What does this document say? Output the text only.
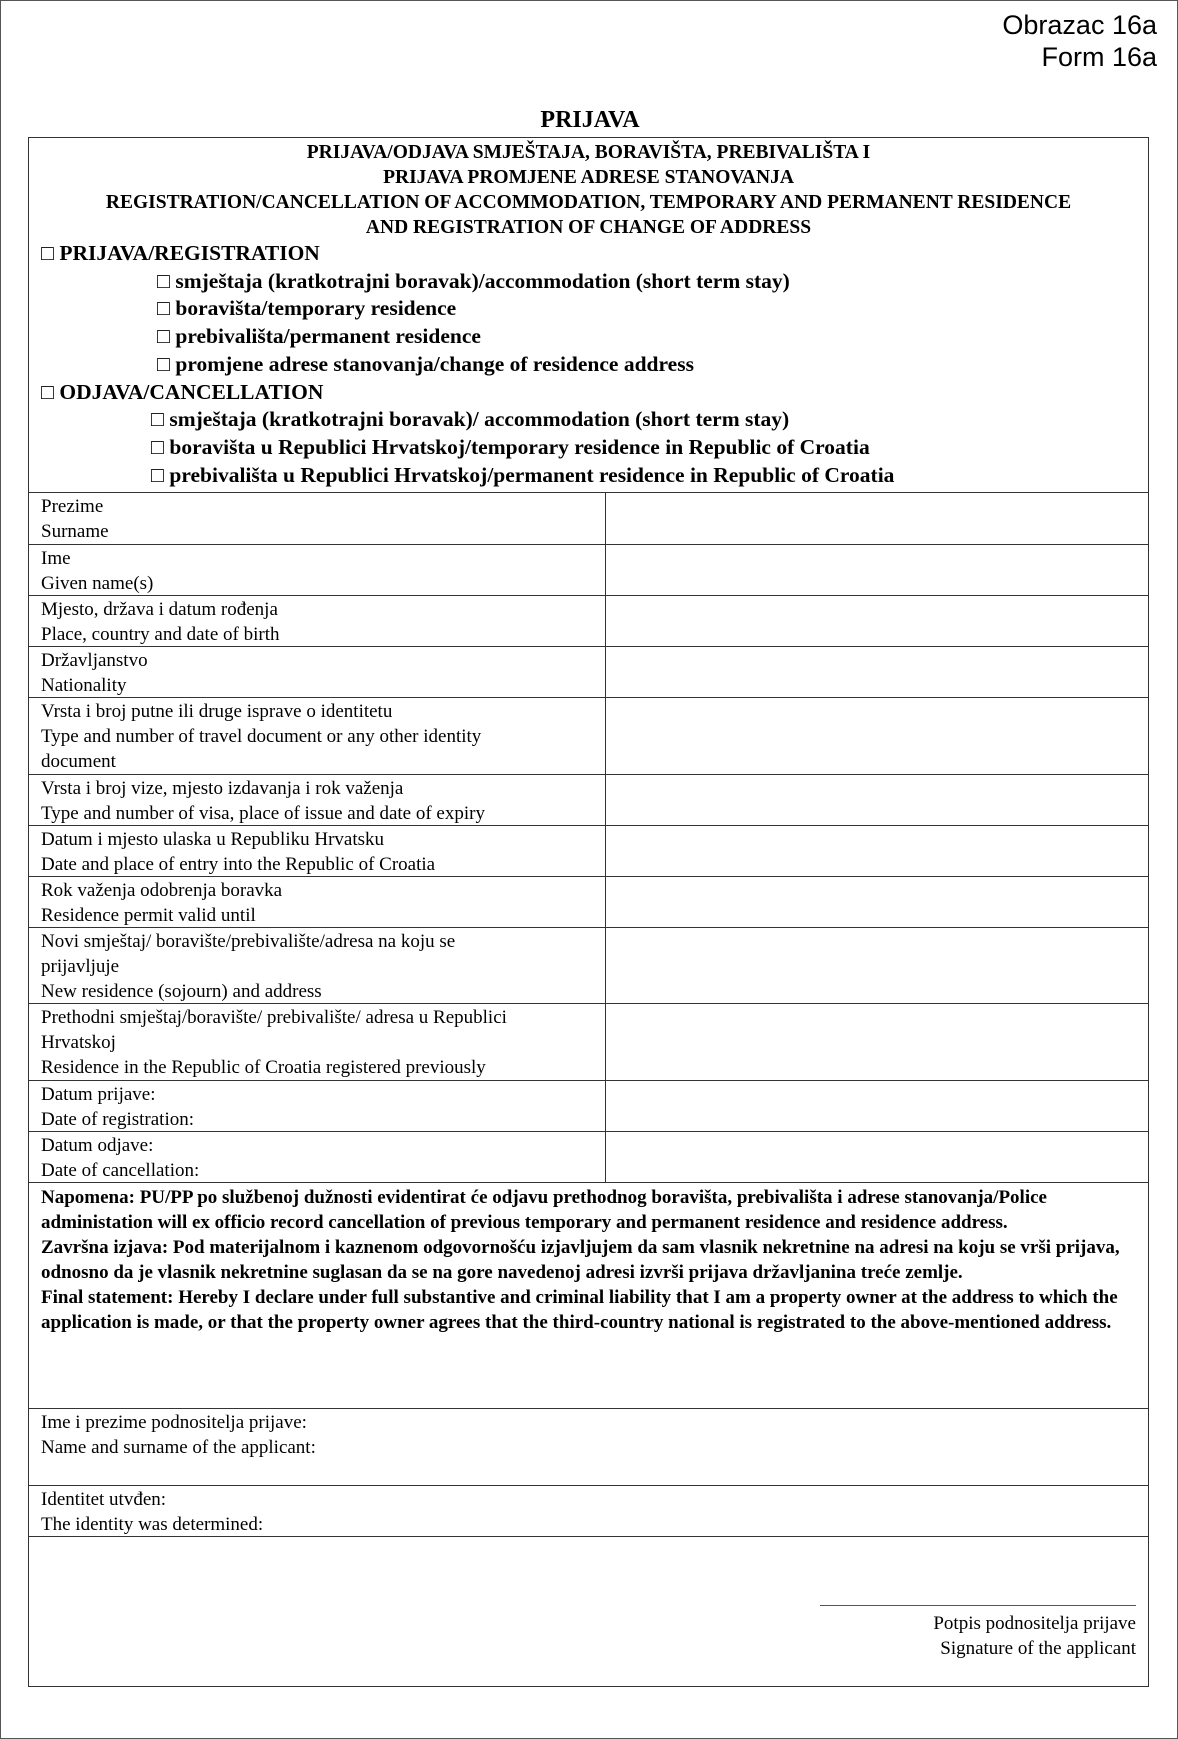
Obrazac 16a
Form 16a
PRIJAVA
PRIJAVA/ODJAVA SMJEŠTAJA, BORAVIŠTA, PREBIVALIŠTA I
PRIJAVA PROMJENE ADRESE STANOVANJA
REGISTRATION/CANCELLATION OF ACCOMMODATION, TEMPORARY AND PERMANENT RESIDENCE
AND REGISTRATION OF CHANGE OF ADDRESS
□ PRIJAVA/REGISTRATION
□ smještaja (kratkotrajni boravak)/accommodation (short term stay)
□ boravišta/temporary residence
□ prebivališta/permanent residence
□ promjene adrese stanovanja/change of residence address
□ ODJAVA/CANCELLATION
□ smještaja (kratkotrajni boravak)/ accommodation (short term stay)
□ boravišta u Republici Hrvatskoj/temporary residence in Republic of Croatia
□ prebivališta u Republici Hrvatskoj/permanent residence in Republic of Croatia
Prezime
Surname
Ime
Given name(s)
Mjesto, država i datum rođenja
Place, country and date of birth
Državljanstvo
Nationality
Vrsta i broj putne ili druge isprave o identitetu
Type and number of travel document or any other identity
document
Vrsta i broj vize, mjesto izdavanja i rok važenja
Type and number of visa, place of issue and date of expiry
Datum i mjesto ulaska u Republiku Hrvatsku
Date and place of entry into the Republic of Croatia
Rok važenja odobrenja boravka
Residence permit valid until
Novi smještaj/ boravište/prebivalište/adresa na koju se
prijavljuje
New residence (sojourn) and address
Prethodni smještaj/boravište/ prebivalište/ adresa u Republici
Hrvatskoj
Residence in the Republic of Croatia registered previously
Datum prijave:
Date of registration:
Datum odjave:
Date of cancellation:
Napomena: PU/PP po službenoj dužnosti evidentirat će odjavu prethodnog boravišta, prebivališta i adrese stanovanja/Police administation will ex officio record cancellation of previous temporary and permanent residence and residence address.
Završna izjava: Pod materijalnom i kaznenom odgovornošću izjavljujem da sam vlasnik nekretnine na adresi na koju se vrši prijava, odnosno da je vlasnik nekretnine suglasan da se na gore navedenoj adresi izvrši prijava državljanina treće zemlje.
Final statement: Hereby I declare under full substantive and criminal liability that I am a property owner at the address to which the application is made, or that the property owner agrees that the third-country national is registrated to the above-mentioned address.
Ime i prezime podnositelja prijave:
Name and surname of the applicant:
Identitet utvđen:
The identity was determined:
Potpis podnositelja prijave
Signature of the applicant
